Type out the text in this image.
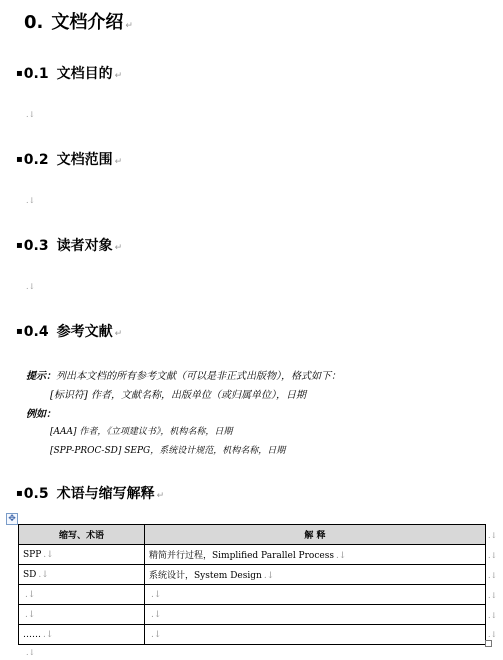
0. 文档介绍 ↵
▪0.1 文档目的 ↵
.↓
▪0.2 文档范围 ↵
.↓
▪0.3 读者对象 ↵
.↓
▪0.4 参考文献 ↵
提示：列出本文档的所有参考文献（可以是非正式出版物），格式如下：
[标识符] 作者，文献名称，出版单位（或归属单位），日期
例如：
[AAA] 作者，《立项建议书》，机构名称，日期
[SPP-PROC-SD] SEPG，系统设计规范，机构名称，日期
▪0.5 术语与缩写解释 ↵
✥
缩写、术语	解 释
SPP .↓	精简并行过程，Simplified Parallel Process .↓
SD .↓	系统设计，System Design .↓
.↓	.↓
.↓	.↓
…… .↓	.↓
.↓
.↓
.↓
.↓
.↓
.↓
.↓
